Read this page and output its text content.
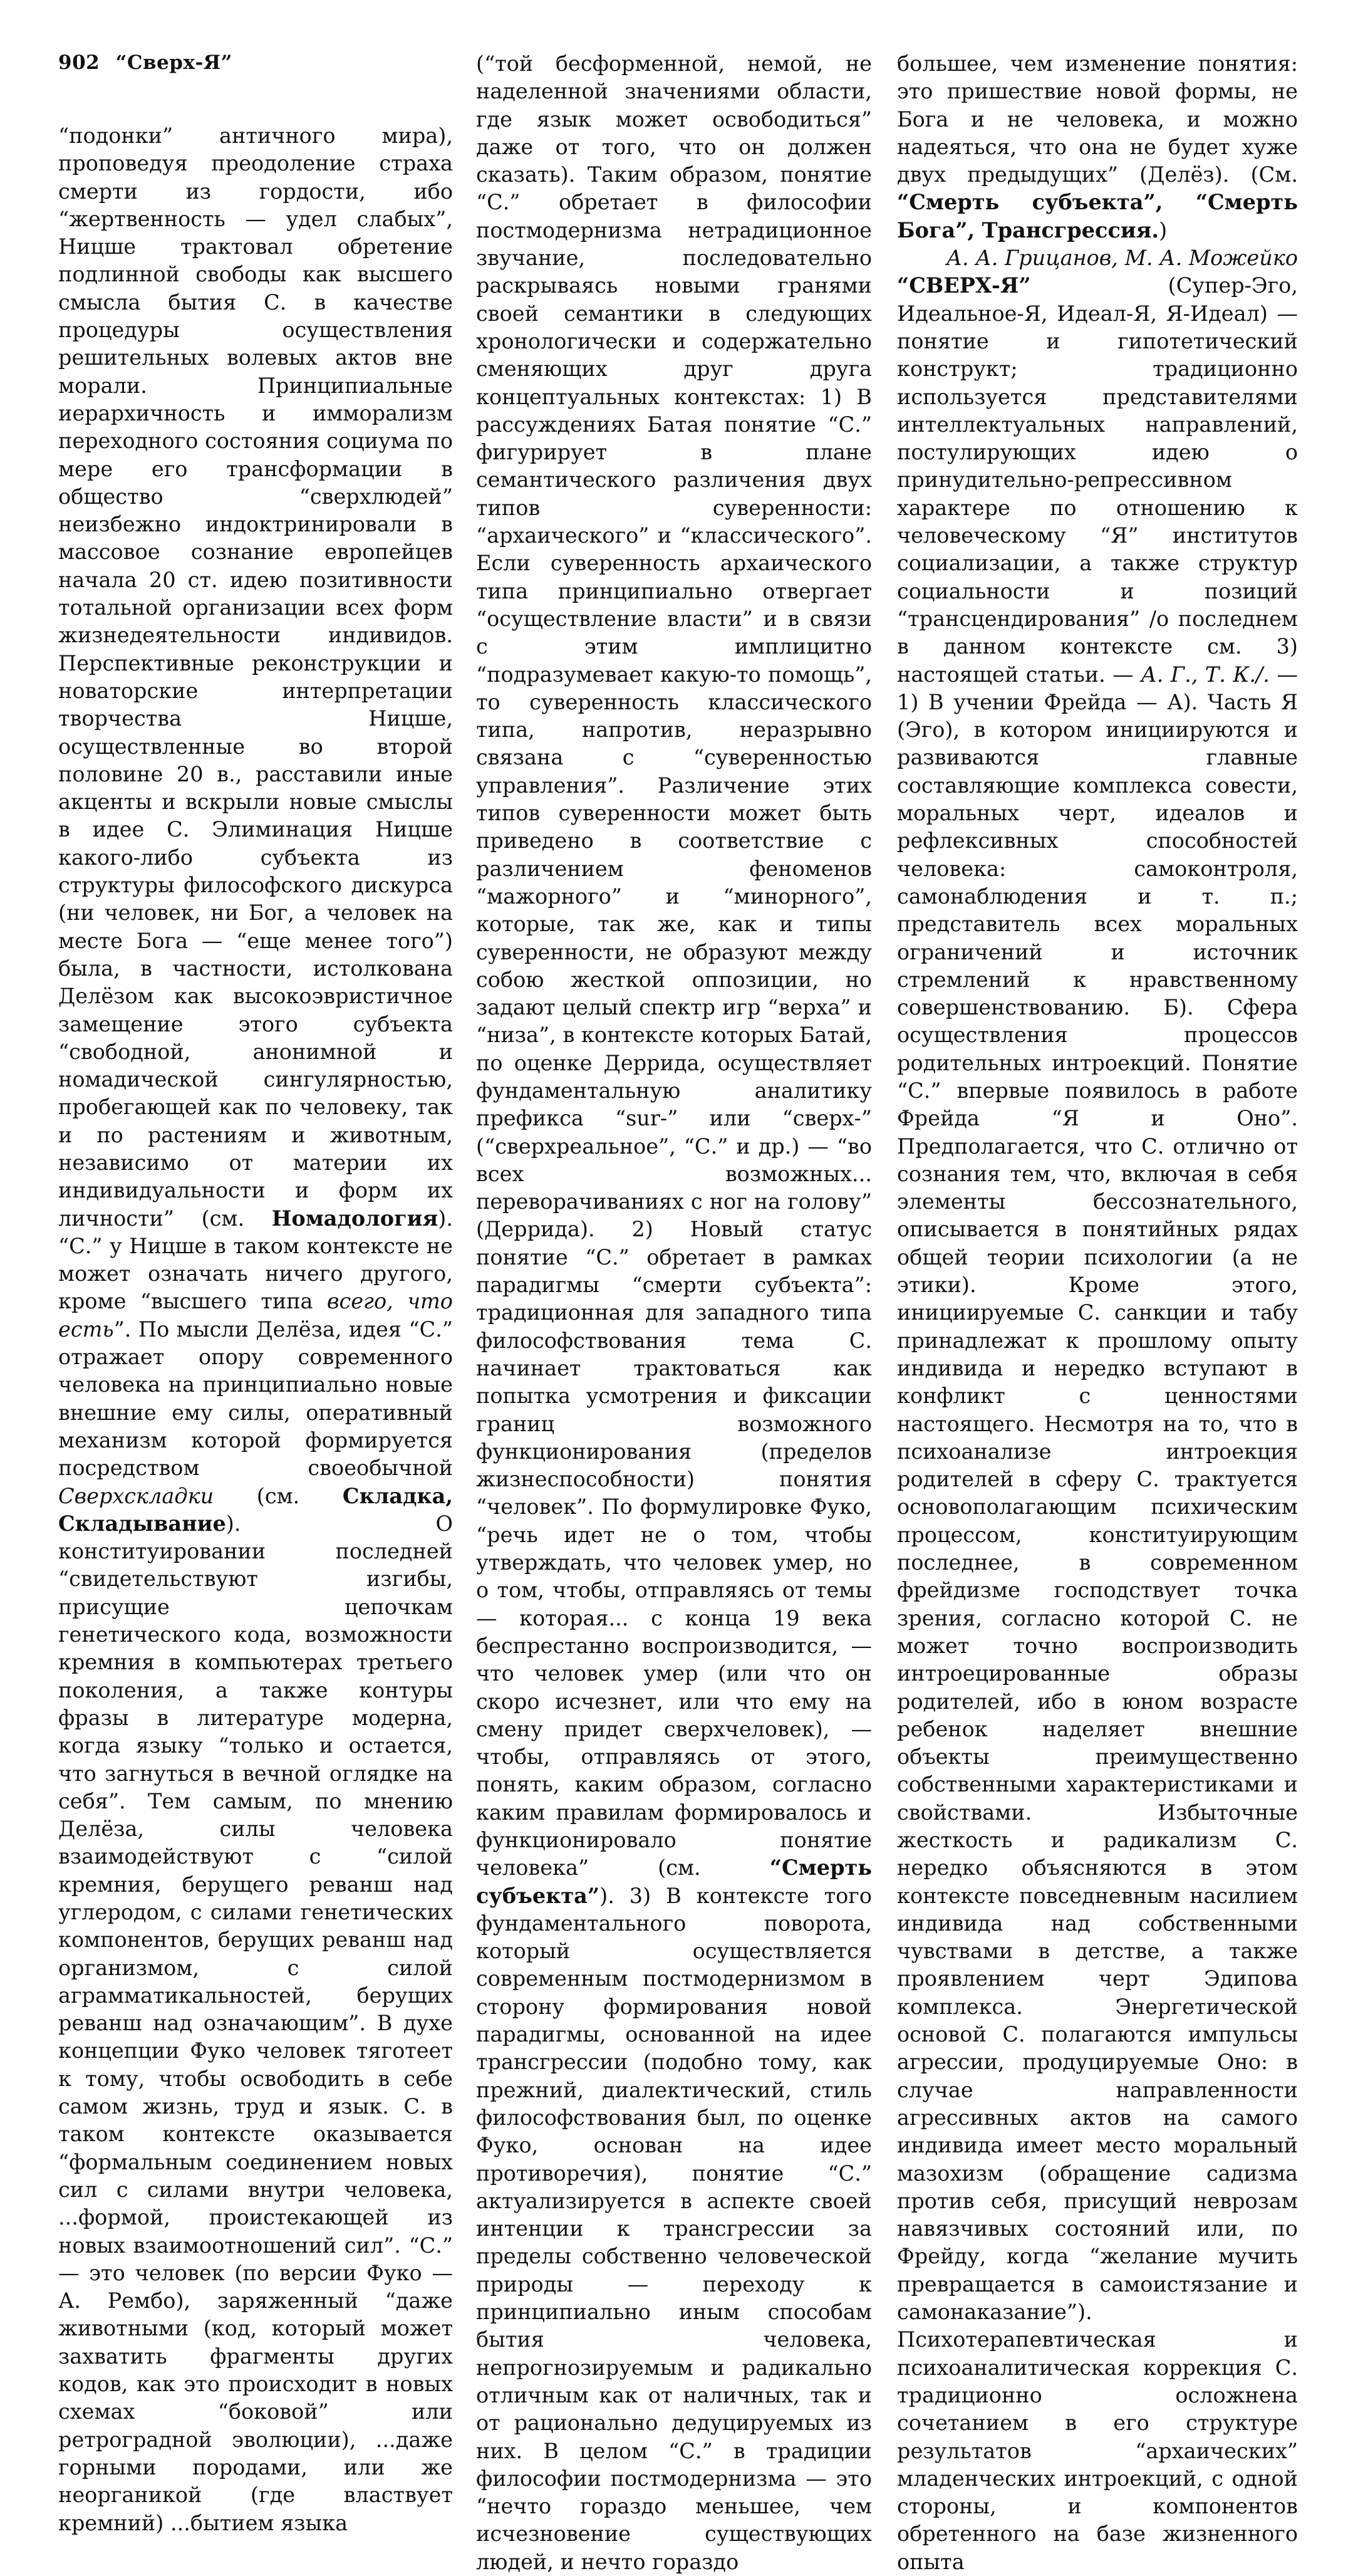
902 “Сверх-Я”

“подонки” античного мира), проповедуя преодоление страха смерти из гордости, ибо “жертвенность — удел слабых”, Ницше трактовал обретение подлинной свободы как высшего смысла бытия С. в качестве процедуры осуществления решительных волевых актов вне морали. Принципиальные иерархичность и имморализм переходного состояния социума по мере его трансформации в общество “сверхлюдей” неизбежно индоктринировали в массовое сознание европейцев начала 20 ст. идею позитивности тотальной организации всех форм жизнедеятельности индивидов. Перспективные реконструкции и новаторские интерпретации творчества Ницше, осуществленные во второй половине 20 в., расставили иные акценты и вскрыли новые смыслы в идее С. Элиминация Ницше какого-либо субъекта из структуры философского дискурса (ни человек, ни Бог, а человек на месте Бога — “еще менее того”) была, в частности, истолкована Делёзом как высокоэвристичное замещение этого субъекта “свободной, анонимной и номадической сингулярностью, пробегающей как по человеку, так и по растениям и животным, независимо от материи их индивидуальности и форм их личности” (см. Номадология). “С.” у Ницше в таком контексте не может означать ничего другого, кроме “высшего типа всего, что есть”. По мысли Делёза, идея “С.” отражает опору современного человека на принципиально новые внешние ему силы, оперативный механизм которой формируется посредством своеобычной Сверхскладки (см. Складка, Складывание). О конституировании последней “свидетельствуют изгибы, присущие цепочкам генетического кода, возможности кремния в компьютерах третьего поколения, а также контуры фразы в литературе модерна, когда языку “только и остается, что загнуться в вечной оглядке на себя”. Тем самым, по мнению Делёза, силы человека взаимодействуют с “силой кремния, берущего реванш над углеродом, с силами генетических компонентов, берущих реванш над организмом, с силой аграмматикальностей, берущих реванш над означающим”. В духе концепции Фуко человек тяготеет к тому, чтобы освободить в себе самом жизнь, труд и язык. С. в таком контексте оказывается “формальным соединением новых сил с силами внутри человека, ...формой, проистекающей из новых взаимоотношений сил”. “С.” — это человек (по версии Фуко — А. Рембо), заряженный “даже животными (код, который может захватить фрагменты других кодов, как это происходит в новых схемах “боковой” или ретроградной эволюции), ...даже горными породами, или же неорганикой (где властвует кремний) ...бытием языка

(“той бесформенной, немой, не наделенной значениями области, где язык может освободиться” даже от того, что он должен сказать). Таким образом, понятие “С.” обретает в философии постмодернизма нетрадиционное звучание, последовательно раскрываясь новыми гранями своей семантики в следующих хронологически и содержательно сменяющих друг друга концептуальных контекстах: 1) В рассуждениях Батая понятие “С.” фигурирует в плане семантического различения двух типов суверенности: “архаического” и “классического”. Если суверенность архаического типа принципиально отвергает “осуществление власти” и в связи с этим имплицитно “подразумевает какую-то помощь”, то суверенность классического типа, напротив, неразрывно связана с “суверенностью управления”. Различение этих типов суверенности может быть приведено в соответствие с различением феноменов “мажорного” и “минорного”, которые, так же, как и типы суверенности, не образуют между собою жесткой оппозиции, но задают целый спектр игр “верха” и “низа”, в контексте которых Батай, по оценке Деррида, осуществляет фундаментальную аналитику префикса “sur-” или “сверх-” (“сверхреальное”, “С.” и др.) — “во всех возможных... переворачиваниях с ног на голову” (Деррида). 2) Новый статус понятие “С.” обретает в рамках парадигмы “смерти субъекта”: традиционная для западного типа философствования тема С. начинает трактоваться как попытка усмотрения и фиксации границ возможного функционирования (пределов жизнеспособности) понятия “человек”. По формулировке Фуко, “речь идет не о том, чтобы утверждать, что человек умер, но о том, чтобы, отправляясь от темы — которая... с конца 19 века беспрестанно воспроизводится, — что человек умер (или что он скоро исчезнет, или что ему на смену придет сверхчеловек), — чтобы, отправляясь от этого, понять, каким образом, согласно каким правилам формировалось и функционировало понятие человека” (см. “Смерть субъекта”). 3) В контексте того фундаментального поворота, который осуществляется современным постмодернизмом в сторону формирования новой парадигмы, основанной на идее трансгрессии (подобно тому, как прежний, диалектический, стиль философствования был, по оценке Фуко, основан на идее противоречия), понятие “С.” актуализируется в аспекте своей интенции к трансгрессии за пределы собственно человеческой природы — переходу к принципиально иным способам бытия человека, непрогнозируемым и радикально отличным как от наличных, так и от рационально дедуцируемых из них. В целом “С.” в традиции философии постмодернизма — это “нечто гораздо меньшее, чем исчезновение существующих людей, и нечто гораздо

большее, чем изменение понятия: это пришествие новой формы, не Бога и не человека, и можно надеяться, что она не будет хуже двух предыдущих” (Делёз). (См. “Смерть субъекта”, “Смерть Бога”, Трансгрессия.)

А. А. Грицанов, М. А. Можейко

“СВЕРХ-Я” (Супер-Эго, Идеальное-Я, Идеал-Я, Я-Идеал) — понятие и гипотетический конструкт; традиционно используется представителями интеллектуальных направлений, постулирующих идею о принудительно-репрессивном характере по отношению к человеческому “Я” институтов социализации, а также структур социальности и позиций “трансцендирования” /о последнем в данном контексте см. 3) настоящей статьи. — А. Г., Т. К./. — 1) В учении Фрейда — А). Часть Я (Эго), в котором инициируются и развиваются главные составляющие комплекса совести, моральных черт, идеалов и рефлексивных способностей человека: самоконтроля, самонаблюдения и т. п.; представитель всех моральных ограничений и источник стремлений к нравственному совершенствованию. Б). Сфера осуществления процессов родительных интроекций. Понятие “С.” впервые появилось в работе Фрейда “Я и Оно”. Предполагается, что С. отлично от сознания тем, что, включая в себя элементы бессознательного, описывается в понятийных рядах общей теории психологии (а не этики). Кроме этого, инициируемые С. санкции и табу принадлежат к прошлому опыту индивида и нередко вступают в конфликт с ценностями настоящего. Несмотря на то, что в психоанализе интроекция родителей в сферу С. трактуется основополагающим психическим процессом, конституирующим последнее, в современном фрейдизме господствует точка зрения, согласно которой С. не может точно воспроизводить интроецированные образы родителей, ибо в юном возрасте ребенок наделяет внешние объекты преимущественно собственными характеристиками и свойствами. Избыточные жесткость и радикализм С. нередко объясняются в этом контексте повседневным насилием индивида над собственными чувствами в детстве, а также проявлением черт Эдипова комплекса. Энергетической основой С. полагаются импульсы агрессии, продуцируемые Оно: в случае направленности агрессивных актов на самого индивида имеет место моральный мазохизм (обращение садизма против себя, присущий неврозам навязчивых состояний или, по Фрейду, когда “желание мучить превращается в самоистязание и самонаказание”). Психотерапевтическая и психоаналитическая коррекция С. традиционно осложнена сочетанием в его структуре результатов “архаических” младенческих интроекций, с одной стороны, и компонентов обретенного на базе жизненного опыта
